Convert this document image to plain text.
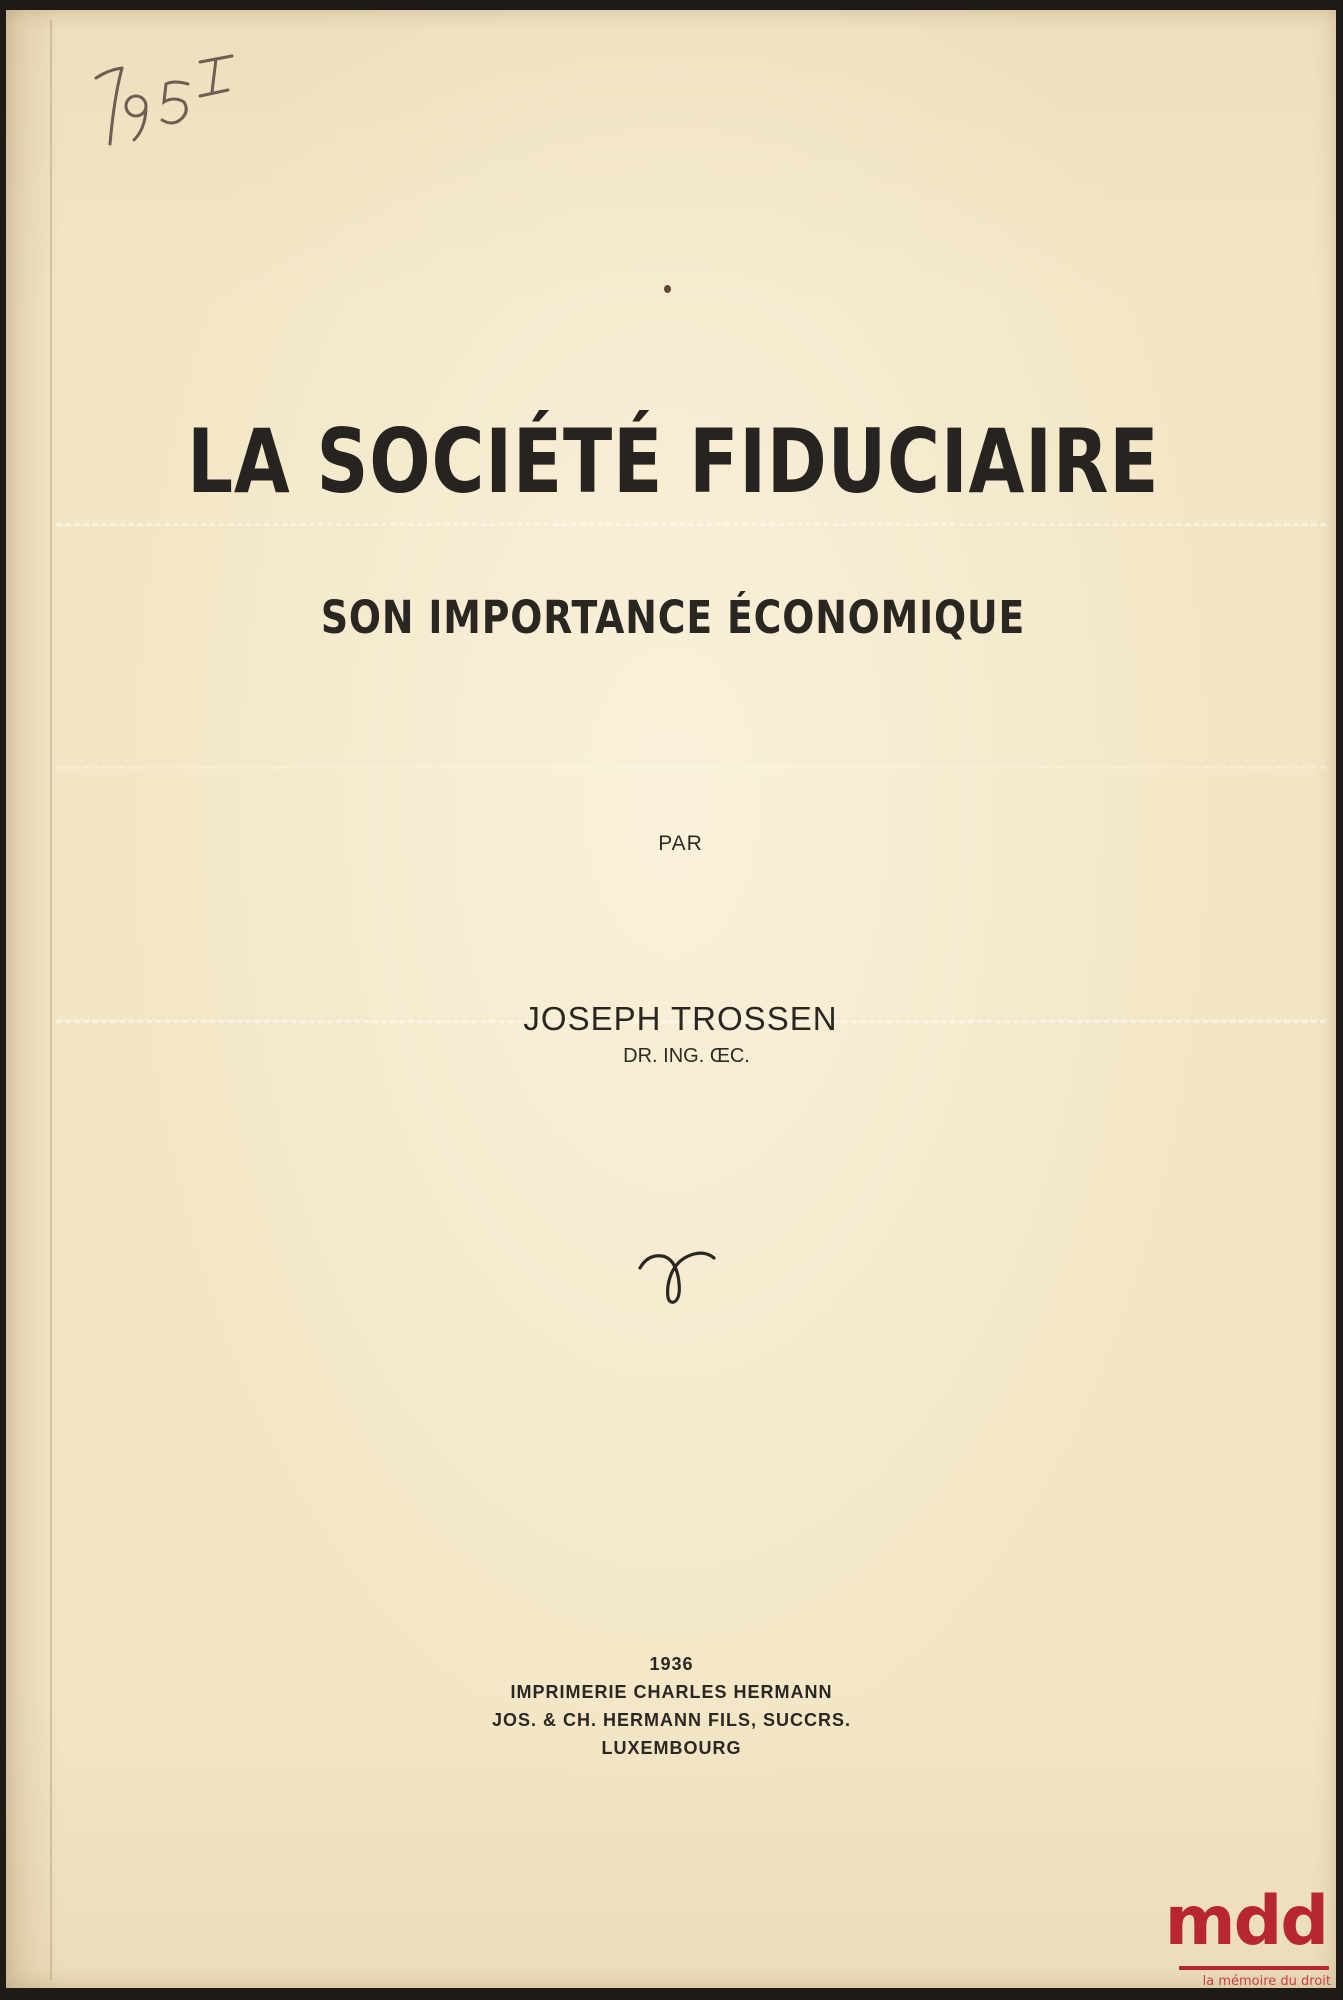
LA SOCIÉTÉ FIDUCIAIRE
SON IMPORTANCE ÉCONOMIQUE
PAR
JOSEPH TROSSEN
DR. ING. ŒC.
1936
IMPRIMERIE CHARLES HERMANN
JOS. & CH. HERMANN FILS, SUCCRS.
LUXEMBOURG
mdd
la mémoire du droit
